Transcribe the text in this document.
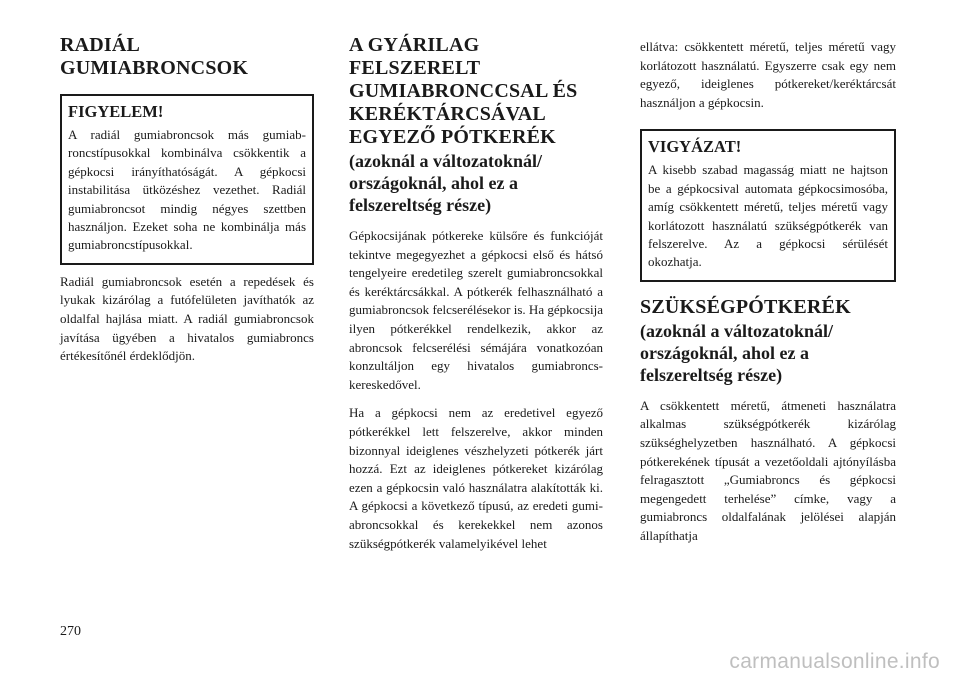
RADIÁL GUMIABRONCSOK
FIGYELEM!

A radiál gumiabroncsok más gumiabroncstípusokkal kombinálva csökkentik a gépkocsi irányíthatóságát. A gépkocsi instabilitása ütközéshez vezethet. Radiál gumiabroncsot mindig négyes szettben használjon. Ezeket soha ne kombinálja más gumiabroncstípusokkal.

Radiál gumiabroncsok esetén a repedések és lyukak kizárólag a futófelületen javíthatók az oldalfal hajlása miatt. A radiál gumiabroncsok javítása ügyében a hivatalos gumiabroncs értékesítőnél érdeklődjön.

A GYÁRILAG FELSZERELT GUMIABRONCCSAL ÉS KERÉKTÁRCSÁVAL EGYEZŐ PÓTKERÉK
(azoknál a változatoknál/ országoknál, ahol ez a felszereltség része)

Gépkocsijának pótkereke külsőre és funkcióját tekintve megegyezhet a gépkocsi első és hátsó tengelyeire eredetileg szerelt gumiabroncsokkal és keréktárcsákkal. A pótkerék felhasználható a gumiabroncsok felcserélésekor is. Ha gépkocsija ilyen pótkerékkel rendelkezik, akkor az abroncsok felcserélési sémájára vonatkozóan konzultáljon egy hivatalos gumiabroncs-kereskedővel.

Ha a gépkocsi nem az eredetivel egyező pótkerékkel lett felszerelve, akkor minden bizonnyal ideiglenes vészhelyzeti pótkerék járt hozzá. Ezt az ideiglenes pótkereket kizárólag ezen a gépkocsin való használatra alakították ki. A gépkocsi a következő típusú, az eredeti gumiabroncsokkal és kerekekkel nem azonos szükségpótkerék valamelyikével lehet

ellátva: csökkentett méretű, teljes méretű vagy korlátozott használatú. Egyszerre csak egy nem egyező, ideiglenes pótkereket/keréktárcsát használjon a gépkocsin.

VIGYÁZAT!

A kisebb szabad magasság miatt ne hajtson be a gépkocsival automata gépkocsimosóba, amíg csökkentett méretű, teljes méretű vagy korlátozott használatú szükségpótkerék van felszerelve. Az a gépkocsi sérülését okozhatja.

SZÜKSÉGPÓTKERÉK
(azoknál a változatoknál/ országoknál, ahol ez a felszereltség része)

A csökkentett méretű, átmeneti használatra alkalmas szükségpótkerék kizárólag szükséghelyzetben használható. A gépkocsi pótkerekének típusát a vezetőoldali ajtónyílásba felragasztott „Gumiabroncs és gépkocsi megengedett terhelése” címke, vagy a gumiabroncs oldalfalának jelölései alapján állapíthatja

270
carmanualsonline.info
